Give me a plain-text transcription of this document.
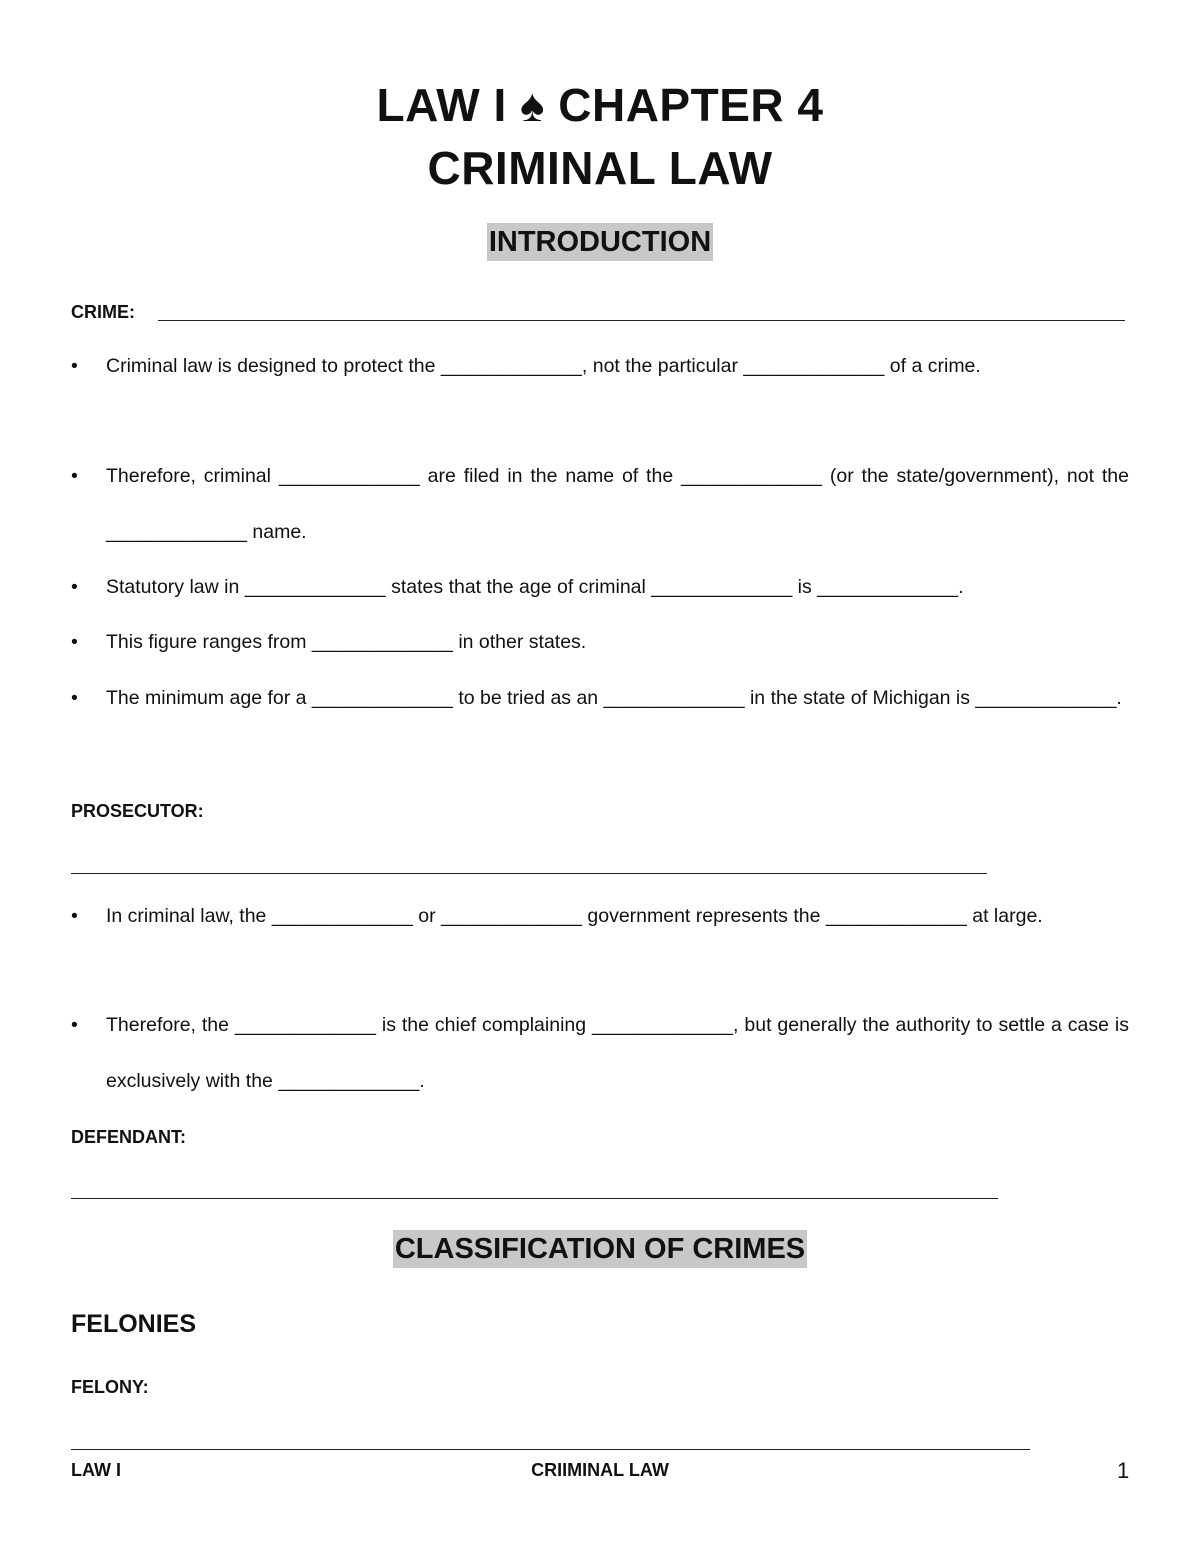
LAW I ♠ CHAPTER 4
CRIMINAL LAW
INTRODUCTION
CRIME:
•	Criminal law is designed to protect the _____________, not the particular _____________ of a crime.
•	Therefore, criminal _____________ are filed in the name of the _____________ (or the state/government), not the _____________ name.
•	Statutory law in _____________ states that the age of criminal _____________ is _____________.
•	This figure ranges from _____________ in other states.
•	The minimum age for a _____________ to be tried as an _____________ in the state of Michigan is _____________.
PROSECUTOR:
•	In criminal law, the _____________ or _____________ government represents the _____________ at large.
•	Therefore, the _____________ is the chief complaining _____________, but generally the authority to settle a case is exclusively with the _____________.
DEFENDANT:
CLASSIFICATION OF CRIMES
FELONIES
FELONY:
LAW I	CRIIMINAL LAW	1
